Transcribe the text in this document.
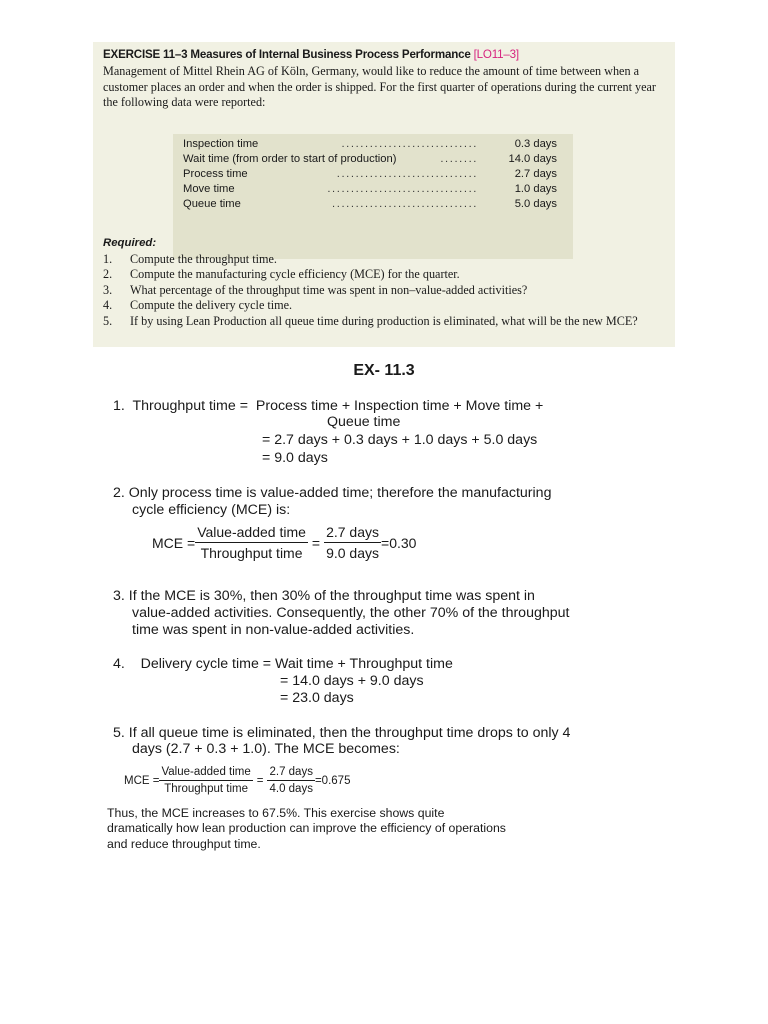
EXERCISE 11–3 Measures of Internal Business Process Performance [LO11–3]
Management of Mittel Rhein AG of Köln, Germany, would like to reduce the amount of time between when a customer places an order and when the order is shipped. For the first quarter of operations during the current year the following data were reported:
Inspection time	.............................	0.3 days
Wait time (from order to start of production)	........	14.0 days
Process time	..............................	2.7 days
Move time	................................	1.0 days
Queue time	...............................	5.0 days
Required:
1. Compute the throughput time.
2. Compute the manufacturing cycle efficiency (MCE) for the quarter.
3. What percentage of the throughput time was spent in non–value-added activities?
4. Compute the delivery cycle time.
5. If by using Lean Production all queue time during production is eliminated, what will be the new MCE?
EX- 11.3
1.  Throughput time =  Process time + Inspection time + Move time +
Queue time
= 2.7 days + 0.3 days + 1.0 days + 5.0 days
= 9.0 days
2. Only process time is value-added time; therefore the manufacturing
cycle efficiency (MCE) is:
MCE =
Value-added time
Throughput time
=
2.7 days
9.0 days
=0.30
3. If the MCE is 30%, then 30% of the throughput time was spent in
value-added activities. Consequently, the other 70% of the throughput
time was spent in non-value-added activities.
4.    Delivery cycle time = Wait time + Throughput time
= 14.0 days + 9.0 days
= 23.0 days
5. If all queue time is eliminated, then the throughput time drops to only 4
days (2.7 + 0.3 + 1.0). The MCE becomes:
MCE =
Value-added time
Throughput time
=
2.7 days
4.0 days
=0.675
Thus, the MCE increases to 67.5%. This exercise shows quite dramatically how lean production can improve the efficiency of operations and reduce throughput time.
